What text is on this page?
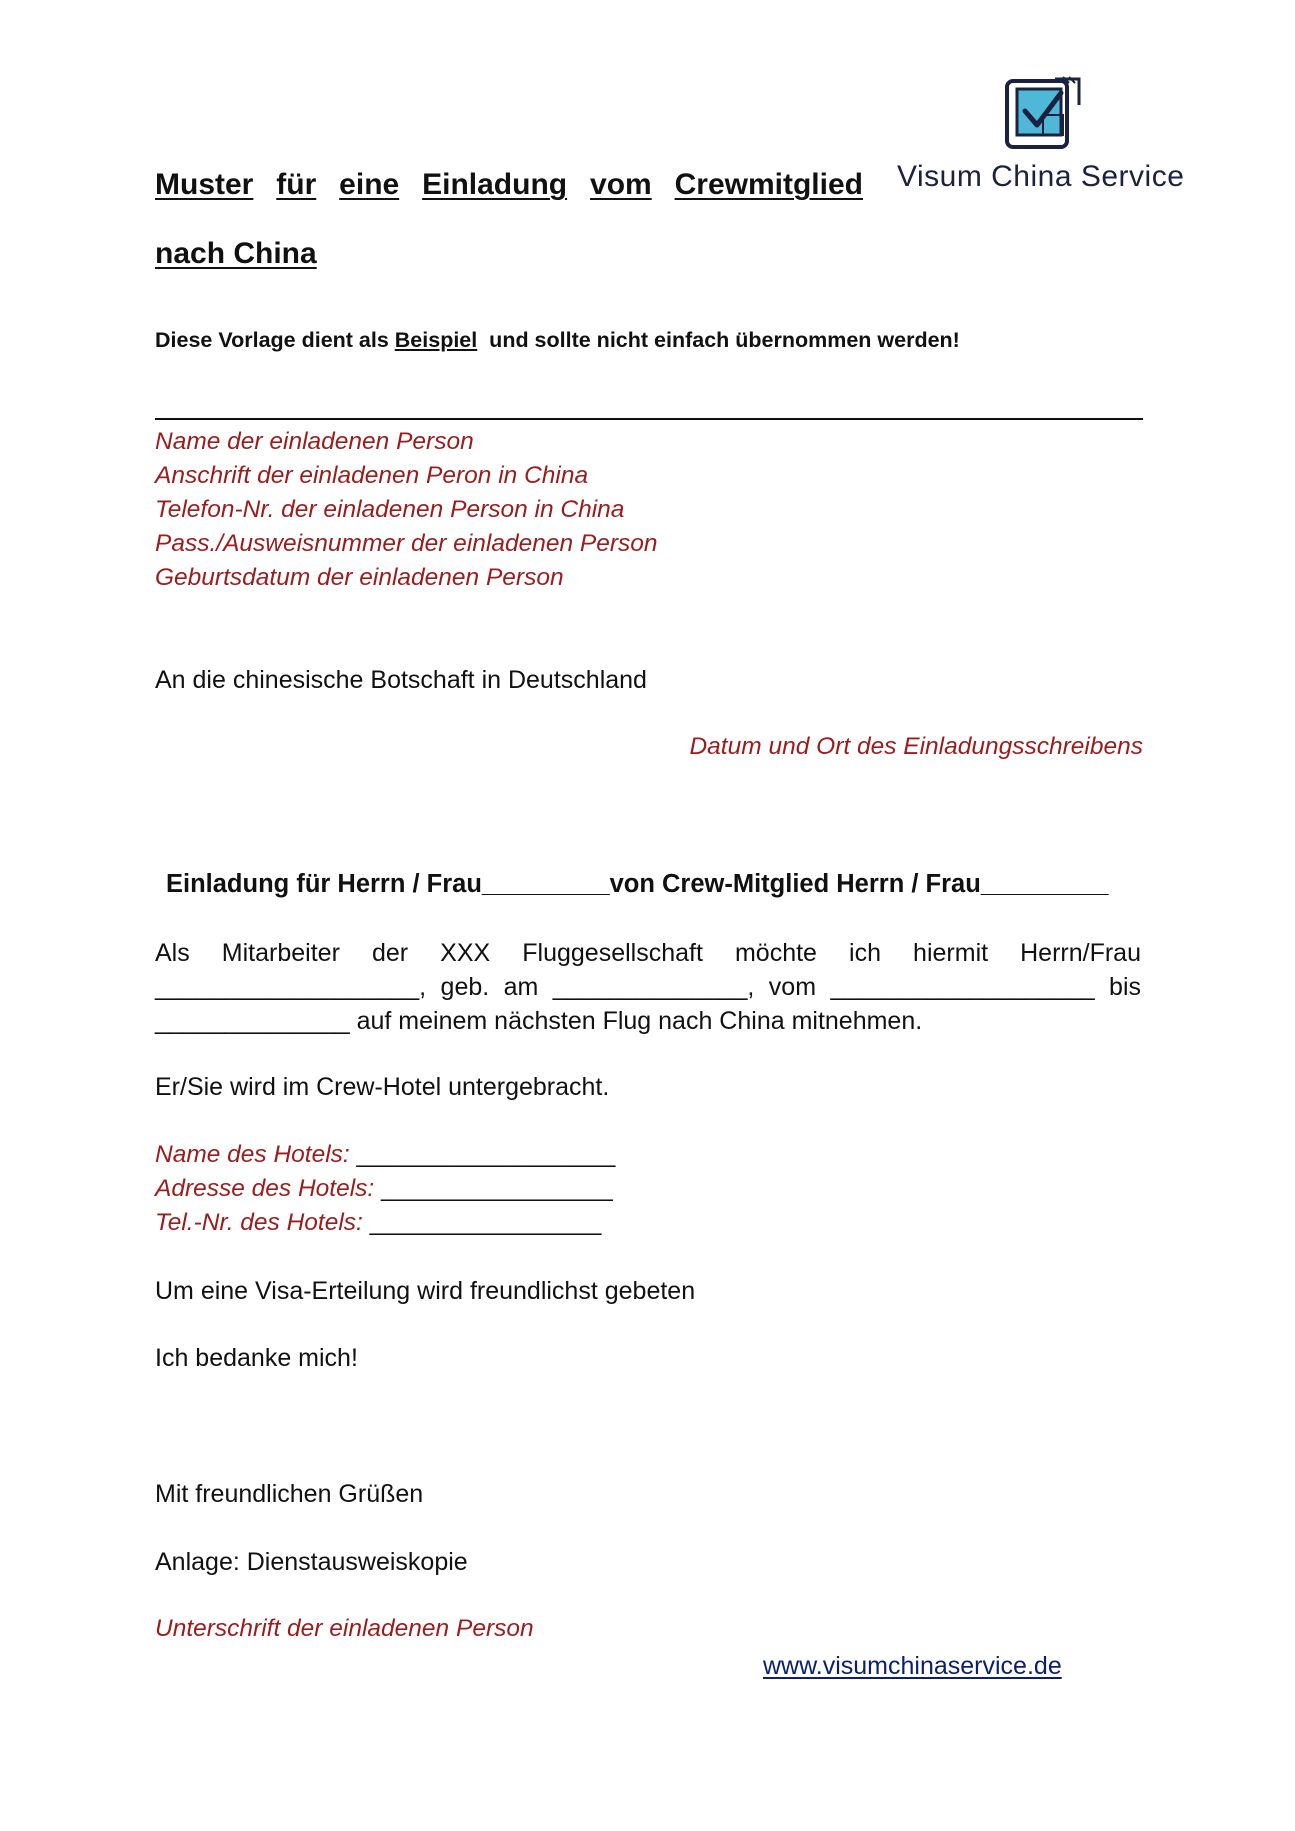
Visum China Service
Muster für eine Einladung vom Crewmitglied
nach China
Diese Vorlage dient als Beispiel  und sollte nicht einfach übernommen werden!
Name der einladenen Person
Anschrift der einladenen Peron in China
Telefon-Nr. der einladenen Person in China
Pass./Ausweisnummer der einladenen Person
Geburtsdatum der einladenen Person
An die chinesische Botschaft in Deutschland
Datum und Ort des Einladungsschreibens
Einladung für Herrn / Frau_________von Crew-Mitglied Herrn / Frau_________
Als Mitarbeiter der XXX Fluggesellschaft möchte ich hiermit Herrn/Frau
___________________, geb. am ______________, vom ___________________ bis
______________ auf meinem nächsten Flug nach China mitnehmen.
Er/Sie wird im Crew-Hotel untergebracht.
Name des Hotels: ___________________
Adresse des Hotels: _________________
Tel.-Nr. des Hotels: _________________
Um eine Visa-Erteilung wird freundlichst gebeten
Ich bedanke mich!
Mit freundlichen Grüßen
Anlage: Dienstausweiskopie
Unterschrift der einladenen Person
www.visumchinaservice.de
